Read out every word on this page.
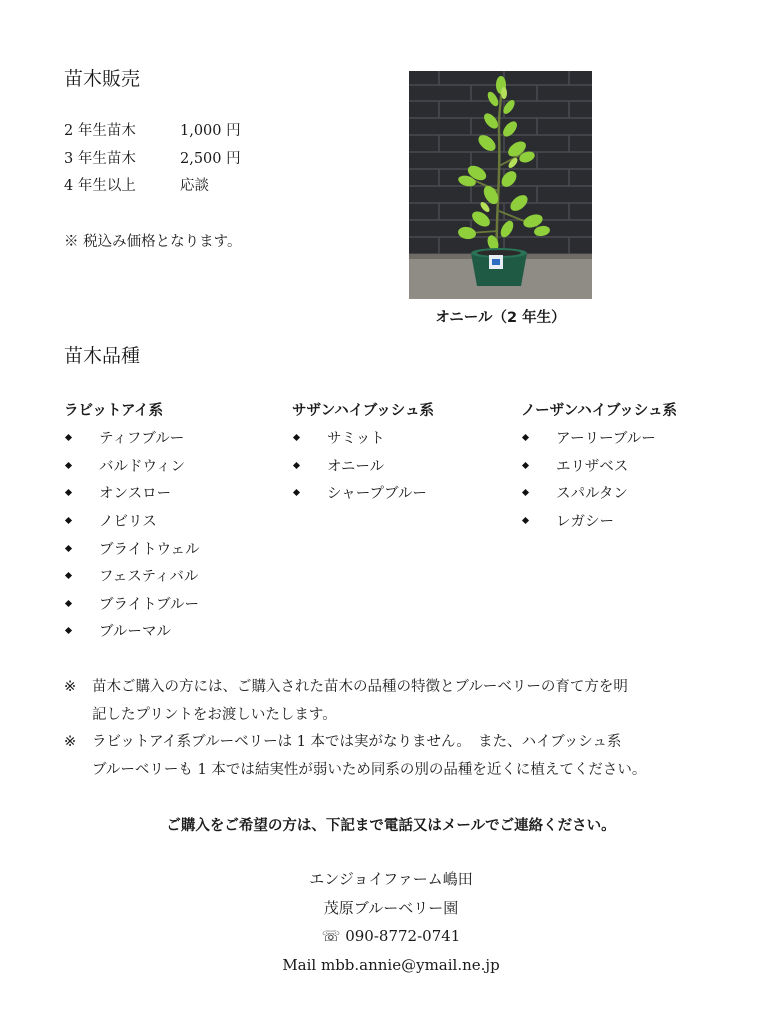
苗木販売
2 年生苗木	1,000 円
3 年生苗木	2,500 円
4 年生以上	応談
※ 税込み価格となります。
オニール（2 年生）
苗木品種
ラビットアイ系
ティフブルー
バルドウィン
オンスロー
ノビリス
ブライトウェル
フェスティバル
ブライトブルー
ブルーマル
サザンハイブッシュ系
サミット
オニール
シャープブルー
ノーザンハイブッシュ系
アーリーブルー
エリザベス
スパルタン
レガシー
※	苗木ご購入の方には、ご購入された苗木の品種の特徴とブルーベリーの育て方を明
記したプリントをお渡しいたします。
※	ラビットアイ系ブルーベリーは 1 本では実がなりません。　また、ハイブッシュ系
ブルーベリーも 1 本では結実性が弱いため同系の別の品種を近くに植えてください。
ご購入をご希望の方は、下記まで電話又はメールでご連絡ください。
エンジョイファーム嶋田
茂原ブルーベリー園
☏ 090-8772-0741
Mail mbb.annie@ymail.ne.jp
